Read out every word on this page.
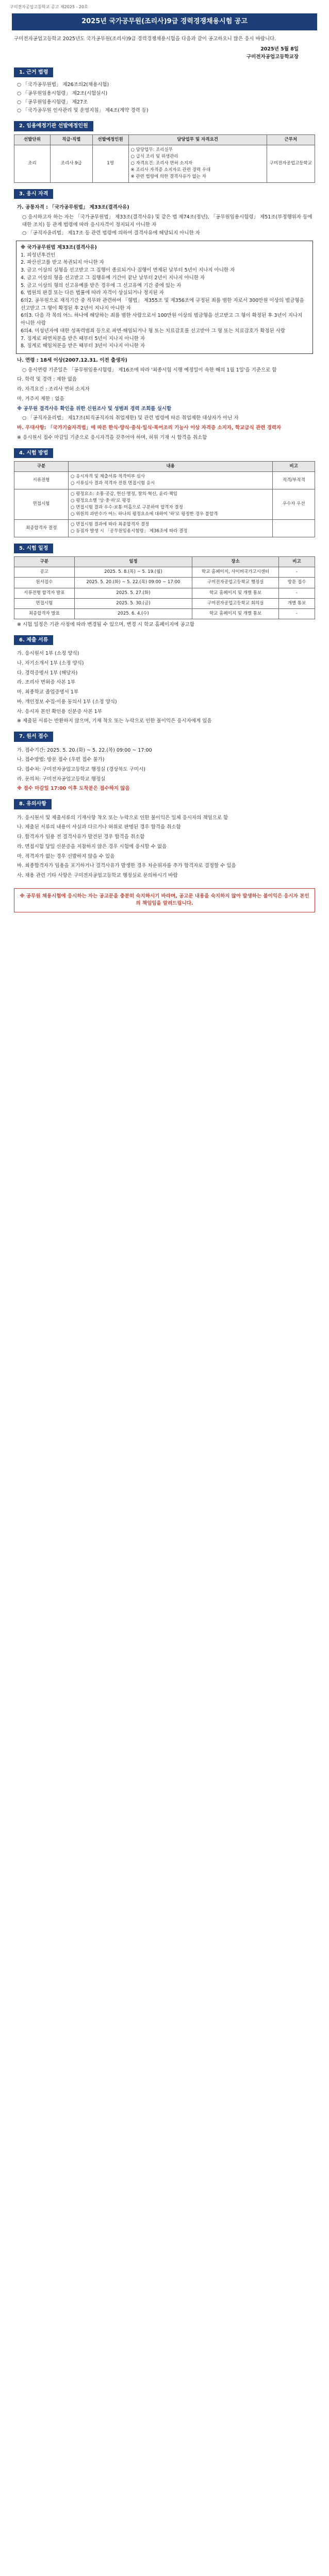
구미전자공업고등학교 공고 제2025 - 20호
2025년 국가공무원(조리사)9급 경력경쟁채용시험 공고
구미전자공업고등학교 2025년도 국가공무원(조리사)9급 경력경쟁채용시험을 다음과 같이 공고하오니 많은 응시 바랍니다.
2025년 5월 8일
구미전자공업고등학교장
1. 근거 법령
○ 「국가공무원법」 제26조의2(채용시험)
○ 「공무원임용시험령」 제2조(시험실시)
○ 「공무원임용시험령」 제27조
○ 「국가공무원 인사관리 및 운영지침」 제4조(계약 경력 등)
2. 임용예정기관 선발예정인원
선발단위	직급·직렬	선발예정인원	담당업무 및 자격요건	근무처
조리	조리사 9급	1명	○ 담당업무: 조리실무
○ 급식 조리 및 위생관리
○ 자격요건: 조리사 면허 소지자
※ 조리사 자격증 소지자로 관련 경력 우대
※ 관련 법령에 의한 결격사유가 없는 자	구미전자공업고등학교
3. 응시 자격
가. 공통자격 : 「국가공무원법」 제33조(결격사유)
○ 응시하고자 하는 자는 「국가공무원법」 제33조(결격사유) 및 같은 법 제74조(정년), 「공무원임용시험령」 제51조(부정행위자 등에 대한 조치) 등 관계 법령에 따라 응시자격이 정지되지 아니한 자
○ 「공직자윤리법」 제17조 등 관련 법령에 의하여 결격사유에 해당되지 아니한 자
※ 국가공무원법 제33조(결격사유)
1. 피성년후견인
2. 파산선고를 받고 복권되지 아니한 자
3. 금고 이상의 실형을 선고받고 그 집행이 종료되거나 집행이 면제된 날부터 5년이 지나지 아니한 자
4. 금고 이상의 형을 선고받고 그 집행유예 기간이 끝난 날부터 2년이 지나지 아니한 자
5. 금고 이상의 형의 선고유예를 받은 경우에 그 선고유예 기간 중에 있는 자
6. 법원의 판결 또는 다른 법률에 따라 자격이 상실되거나 정지된 자
6의2. 공무원으로 재직기간 중 직무와 관련하여 「형법」 제355조 및 제356조에 규정된 죄를 범한 자로서 300만원 이상의 벌금형을 선고받고 그 형이 확정된 후 2년이 지나지 아니한 자
6의3. 다음 각 목의 어느 하나에 해당하는 죄를 범한 사람으로서 100만원 이상의 벌금형을 선고받고 그 형이 확정된 후 3년이 지나지 아니한 사람
6의4. 미성년자에 대한 성폭력범죄 등으로 파면·해임되거나 형 또는 치료감호를 선고받아 그 형 또는 치료감호가 확정된 사람
7. 징계로 파면처분을 받은 때부터 5년이 지나지 아니한 자
8. 징계로 해임처분을 받은 때부터 3년이 지나지 아니한 자
나. 연령 : 18세 이상(2007.12.31. 이전 출생자)
○ 응시연령 기준일은 「공무원임용시험령」 제16조에 따라 '최종시험 시행 예정일이 속한 해의 1월 1일'을 기준으로 함
다. 학력 및 경력 : 제한 없음
라. 자격요건 : 조리사 면허 소지자
마. 거주지 제한 : 없음
※ 공무원 결격사유 확인을 위한 신원조사 및 성범죄 경력 조회를 실시함
○ 「공직자윤리법」 제17조(퇴직공직자의 취업제한) 및 관련 법령에 따른 취업제한 대상자가 아닌 자
바. 우대사항: 「국가기술자격법」에 따른 한식·양식·중식·일식·복어조리 기능사 이상 자격증 소지자, 학교급식 관련 경력자
※ 응시원서 접수 마감일 기준으로 응시자격을 갖추어야 하며, 허위 기재 시 합격을 취소함
4. 시험 방법
구분	내용	비고
서류전형	○ 응시자격 및 제출서류 적격여부 심사
○ 서류심사 결과 적격자 전원 면접시험 응시	적격/부적격
면접시험	○ 평정요소: 소통·공감, 헌신·열정, 창의·혁신, 윤리·책임
○ 평정요소별 '상·중·하'로 평정
○ 면접시험 결과 우수·보통·미흡으로 구분하여 합격자 결정
○ 위원의 과반수가 어느 하나의 평정요소에 대하여 '하'로 평정한 경우 불합격	우수자 우선
최종합격자 결정	○ 면접시험 결과에 따라 최종합격자 결정
○ 동점자 발생 시 「공무원임용시험령」 제36조에 따라 결정	
5. 시험 일정
구분	일정	장소	비고
공고	2025. 5. 8.(목) ~ 5. 19.(월)	학교 홈페이지, 사이버국가고시센터	-
원서접수	2025. 5. 20.(화) ~ 5. 22.(목) 09:00 ~ 17:00	구미전자공업고등학교 행정실	방문 접수
서류전형 합격자 발표	2025. 5. 27.(화)	학교 홈페이지 및 개별 통보	-
면접시험	2025. 5. 30.(금)	구미전자공업고등학교 회의실	개별 통보
최종합격자 발표	2025. 6. 4.(수)	학교 홈페이지 및 개별 통보	-
※ 시험 일정은 기관 사정에 따라 변경될 수 있으며, 변경 시 학교 홈페이지에 공고함
6. 제출 서류
가. 응시원서 1부 (소정 양식)
나. 자기소개서 1부 (소정 양식)
다. 경력증명서 1부 (해당자)
라. 조리사 면허증 사본 1부
마. 최종학교 졸업증명서 1부
바. 개인정보 수집·이용 동의서 1부 (소정 양식)
사. 응시자 본인 확인용 신분증 사본 1부
※ 제출된 서류는 반환하지 않으며, 기재 착오 또는 누락으로 인한 불이익은 응시자에게 있음
7. 원서 접수
가. 접수기간: 2025. 5. 20.(화) ~ 5. 22.(목) 09:00 ~ 17:00
나. 접수방법: 방문 접수 (우편 접수 불가)
다. 접수처: 구미전자공업고등학교 행정실 (경상북도 구미시)
라. 문의처: 구미전자공업고등학교 행정실
※ 접수 마감일 17:00 이후 도착분은 접수하지 않음
8. 유의사항
가. 응시원서 및 제출서류의 기재사항 착오 또는 누락으로 인한 불이익은 일체 응시자의 책임으로 함
나. 제출된 서류의 내용이 사실과 다르거나 허위로 판명된 경우 합격을 취소함
다. 합격자가 임용 전 결격사유가 발견된 경우 합격을 취소함
라. 면접시험 당일 신분증을 지참하지 않은 경우 시험에 응시할 수 없음
마. 적격자가 없는 경우 선발하지 않을 수 있음
바. 최종합격자가 임용을 포기하거나 결격사유가 발생한 경우 차순위자를 추가 합격자로 결정할 수 있음
사. 채용 관련 기타 사항은 구미전자공업고등학교 행정실로 문의하시기 바람
※ 공무원 채용시험에 응시하는 자는 공고문을 충분히 숙지하시기 바라며, 공고문 내용을 숙지하지 않아 발생하는 불이익은 응시자 본인의 책임임을 알려드립니다.
